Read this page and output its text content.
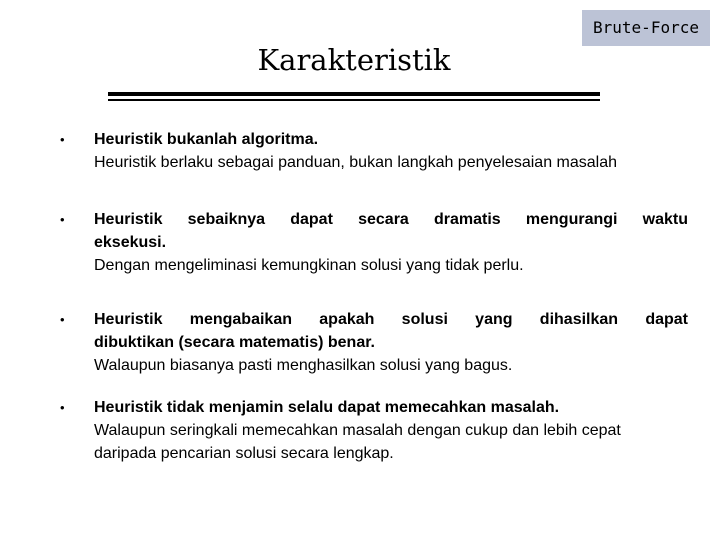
Brute-Force
Karakteristik
•	Heuristik bukanlah algoritma.
Heuristik berlaku sebagai panduan, bukan langkah penyelesaian masalah
•	Heuristik sebaiknya dapat secara dramatis mengurangi waktu
eksekusi.
Dengan mengeliminasi kemungkinan solusi yang tidak perlu.
•	Heuristik mengabaikan apakah solusi yang dihasilkan dapat
dibuktikan (secara matematis) benar.
Walaupun biasanya pasti menghasilkan solusi yang bagus.
•	Heuristik tidak menjamin selalu dapat memecahkan masalah.
Walaupun seringkali memecahkan masalah dengan cukup dan lebih cepat
daripada pencarian solusi secara lengkap.
